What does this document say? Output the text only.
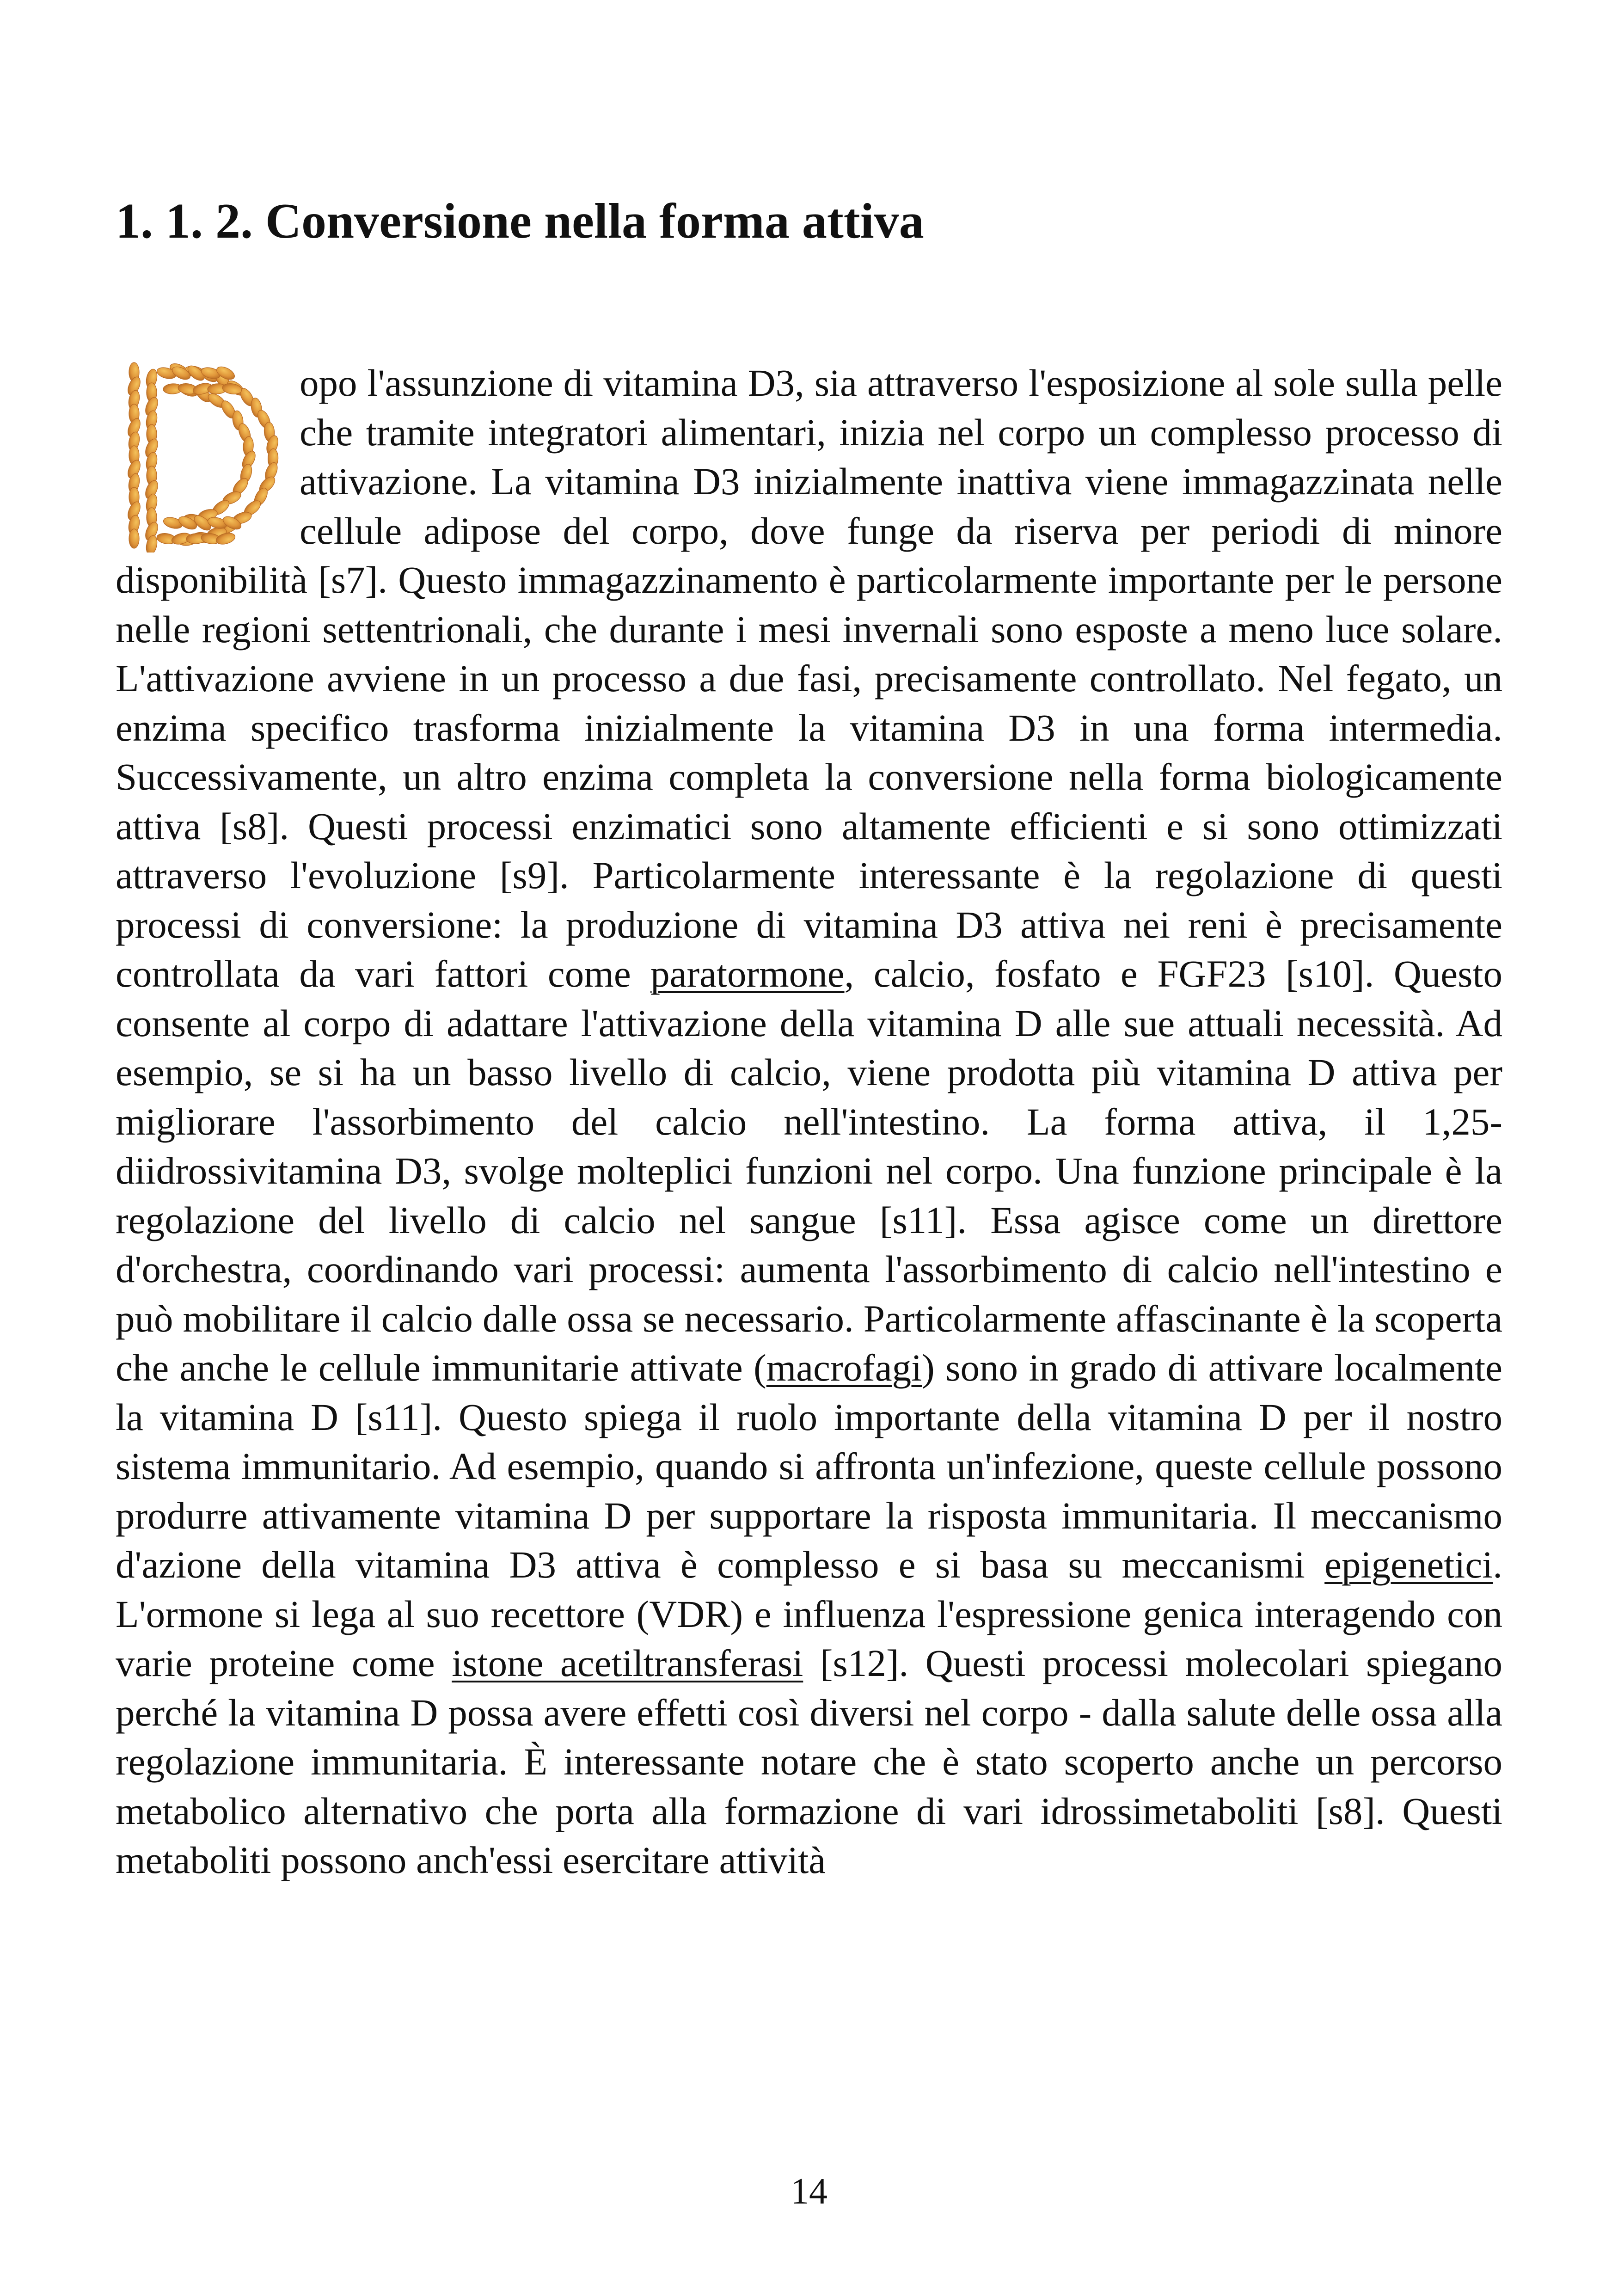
1. 1. 2. Conversione nella forma attiva

opo l'assunzione di vitamina D3, sia attraverso l'esposizione al sole sulla pelle che tramite integratori alimentari, inizia nel corpo un complesso processo di attivazione. La vitamina D3 inizialmente inattiva viene immagazzinata nelle cellule adipose del corpo, dove funge da riserva per periodi di minore disponibilità [s7]. Questo immagazzinamento è particolarmente importante per le persone nelle regioni settentrionali, che durante i mesi invernali sono esposte a meno luce solare. L'attivazione avviene in un processo a due fasi, precisamente controllato. Nel fegato, un enzima specifico trasforma inizialmente la vitamina D3 in una forma intermedia. Successivamente, un altro enzima completa la conversione nella forma biologicamente attiva [s8]. Questi processi enzimatici sono altamente efficienti e si sono ottimizzati attraverso l'evoluzione [s9]. Particolarmente interessante è la regolazione di questi processi di conversione: la produzione di vitamina D3 attiva nei reni è precisamente controllata da vari fattori come paratormone, calcio, fosfato e FGF23 [s10]. Questo consente al corpo di adattare l'attivazione della vitamina D alle sue attuali necessità. Ad esempio, se si ha un basso livello di calcio, viene prodotta più vitamina D attiva per migliorare l'assorbimento del calcio nell'intestino. La forma attiva, il 1,25-diidrossivitamina D3, svolge molteplici funzioni nel corpo. Una funzione principale è la regolazione del livello di calcio nel sangue [s11]. Essa agisce come un direttore d'orchestra, coordinando vari processi: aumenta l'assorbimento di calcio nell'intestino e può mobilitare il calcio dalle ossa se necessario. Particolarmente affascinante è la scoperta che anche le cellule immunitarie attivate (macrofagi) sono in grado di attivare localmente la vitamina D [s11]. Questo spiega il ruolo importante della vitamina D per il nostro sistema immunitario. Ad esempio, quando si affronta un'infezione, queste cellule possono produrre attivamente vitamina D per supportare la risposta immunitaria. Il meccanismo d'azione della vitamina D3 attiva è complesso e si basa su meccanismi epigenetici. L'ormone si lega al suo recettore (VDR) e influenza l'espressione genica interagendo con varie proteine come istone acetiltransferasi [s12]. Questi processi molecolari spiegano perché la vitamina D possa avere effetti così diversi nel corpo - dalla salute delle ossa alla regolazione immunitaria. È interessante notare che è stato scoperto anche un percorso metabolico alternativo che porta alla formazione di vari idrossimetaboliti [s8]. Questi metaboliti possono anch'essi esercitare attività

14
